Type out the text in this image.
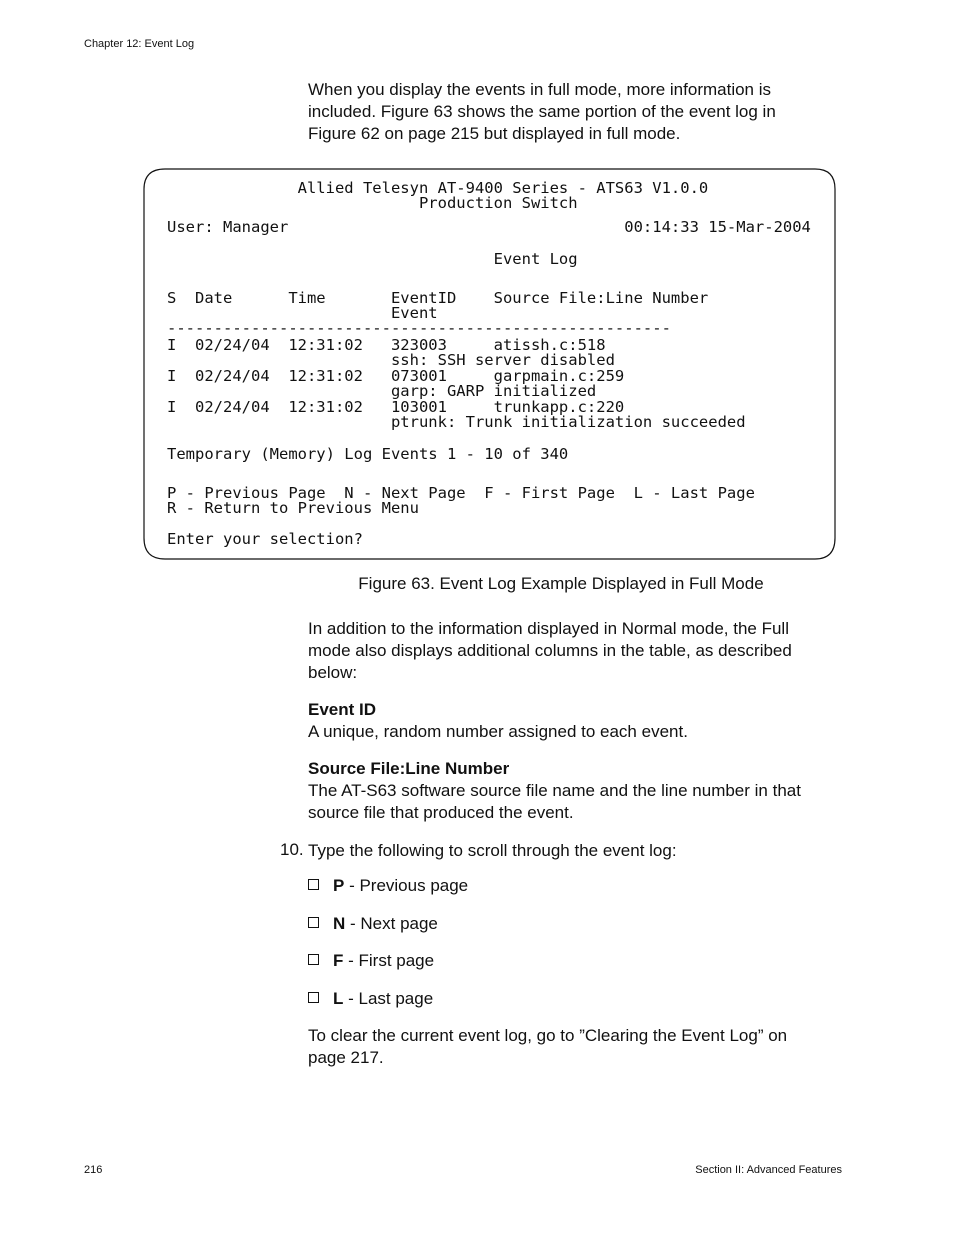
Chapter 12: Event Log
When you display the events in full mode, more information is included. Figure 63 shows the same portion of the event log in Figure 62 on page 215 but displayed in full mode.
Allied Telesyn AT-9400 Series - ATS63 V1.0.0
Production Switch
User: Manager                                    00:14:33 15-Mar-2004
Event Log
S  Date      Time       EventID    Source File:Line Number
Event
------------------------------------------------------
I  02/24/04  12:31:02   323003     atissh.c:518
ssh: SSH server disabled
I  02/24/04  12:31:02   073001     garpmain.c:259
garp: GARP initialized
I  02/24/04  12:31:02   103001     trunkapp.c:220
ptrunk: Trunk initialization succeeded
Temporary (Memory) Log Events 1 - 10 of 340
P - Previous Page  N - Next Page  F - First Page  L - Last Page
R - Return to Previous Menu
Enter your selection?
Figure 63. Event Log Example Displayed in Full Mode
In addition to the information displayed in Normal mode, the Full mode also displays additional columns in the table, as described below:
Event ID
A unique, random number assigned to each event.
Source File:Line Number
The AT-S63 software source file name and the line number in that source file that produced the event.
10. Type the following to scroll through the event log:
P - Previous page
N - Next page
F - First page
L - Last page
To clear the current event log, go to ”Clearing the Event Log” on page 217.
216	Section II: Advanced Features
